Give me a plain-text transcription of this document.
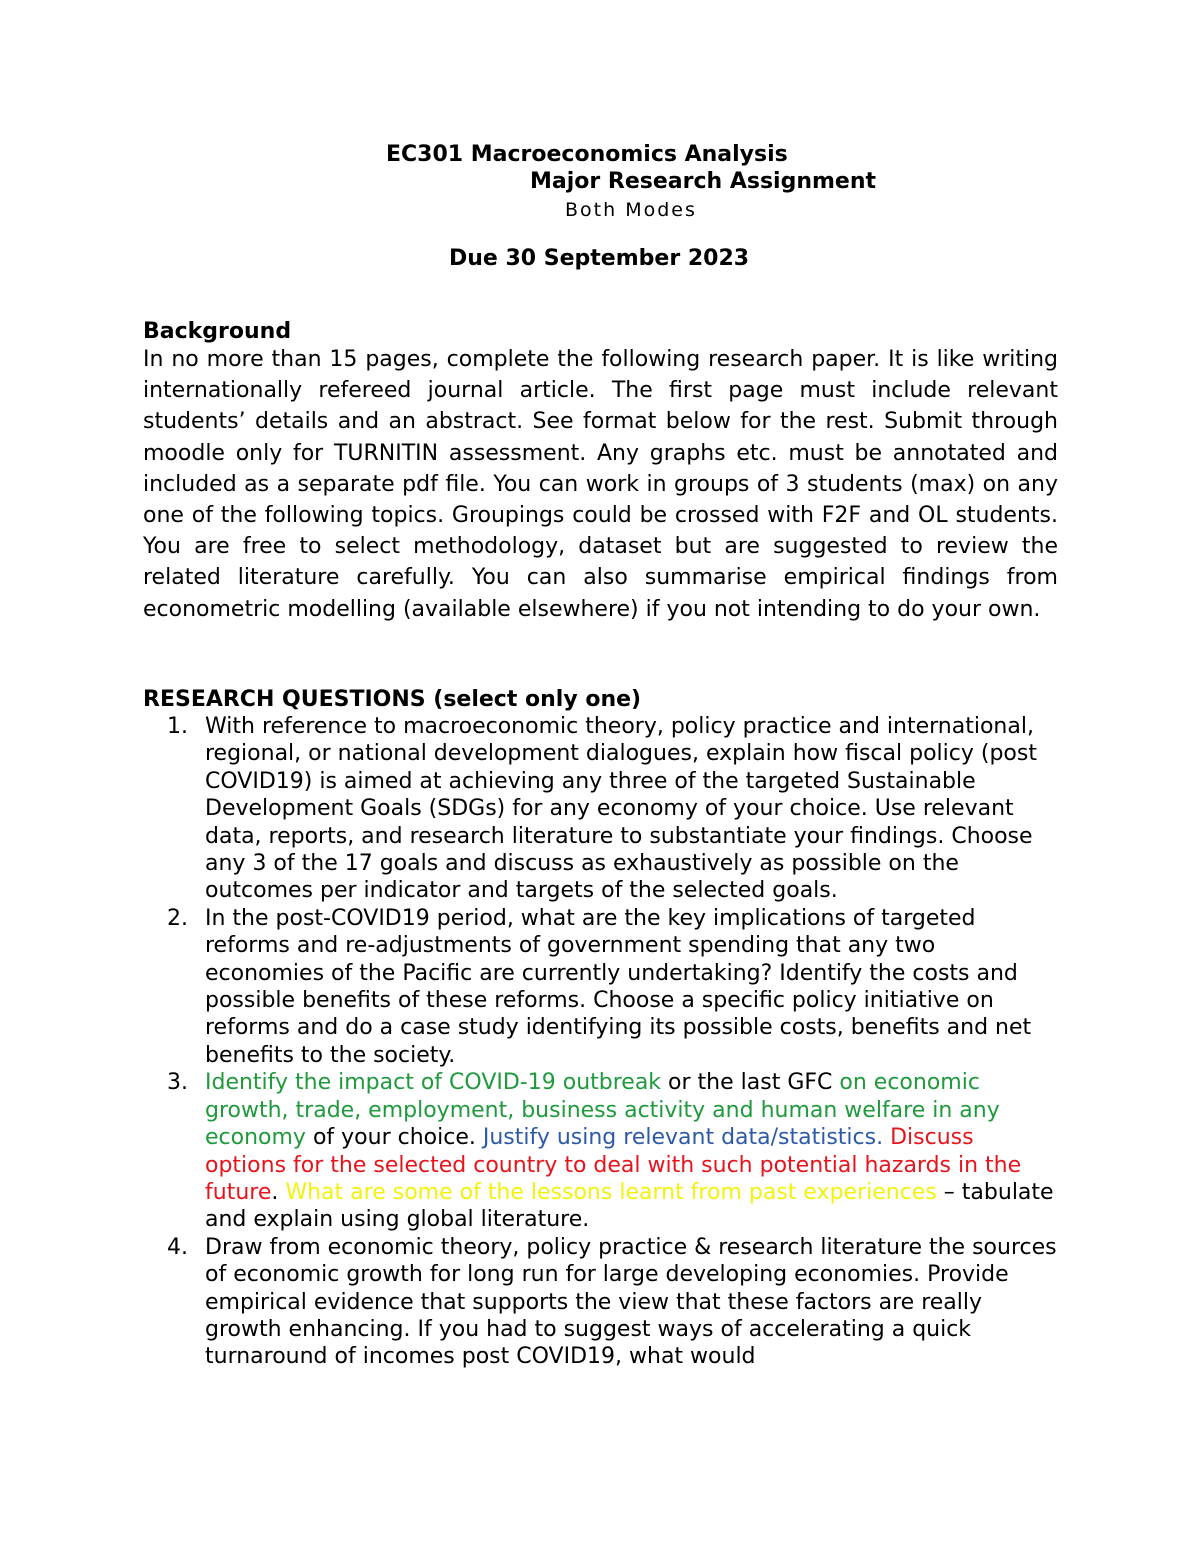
EC301 Macroeconomics Analysis
Major Research Assignment
Both Modes
Due 30 September 2023
Background
In no more than 15 pages, complete the following research paper. It is like writing internationally refereed journal article. The first page must include relevant students’ details and an abstract. See format below for the rest. Submit through moodle only for TURNITIN assessment. Any graphs etc. must be annotated and included as a separate pdf file. You can work in groups of 3 students (max) on any one of the following topics. Groupings could be crossed with F2F and OL students. You are free to select methodology, dataset but are suggested to review the related literature carefully. You can also summarise empirical findings from econometric modelling (available elsewhere) if you not intending to do your own.
RESEARCH QUESTIONS (select only one)
1. With reference to macroeconomic theory, policy practice and international, regional, or national development dialogues, explain how fiscal policy (post COVID19) is aimed at achieving any three of the targeted Sustainable Development Goals (SDGs) for any economy of your choice. Use relevant data, reports, and research literature to substantiate your findings. Choose any 3 of the 17 goals and discuss as exhaustively as possible on the outcomes per indicator and targets of the selected goals.
2. In the post-COVID19 period, what are the key implications of targeted reforms and re-adjustments of government spending that any two economies of the Pacific are currently undertaking? Identify the costs and possible benefits of these reforms. Choose a specific policy initiative on reforms and do a case study identifying its possible costs, benefits and net benefits to the society.
3. Identify the impact of COVID-19 outbreak or the last GFC on economic growth, trade, employment, business activity and human welfare in any economy of your choice. Justify using relevant data/statistics. Discuss options for the selected country to deal with such potential hazards in the future. What are some of the lessons learnt from past experiences – tabulate and explain using global literature.
4. Draw from economic theory, policy practice & research literature the sources of economic growth for long run for large developing economies. Provide empirical evidence that supports the view that these factors are really growth enhancing. If you had to suggest ways of accelerating a quick turnaround of incomes post COVID19, what would
